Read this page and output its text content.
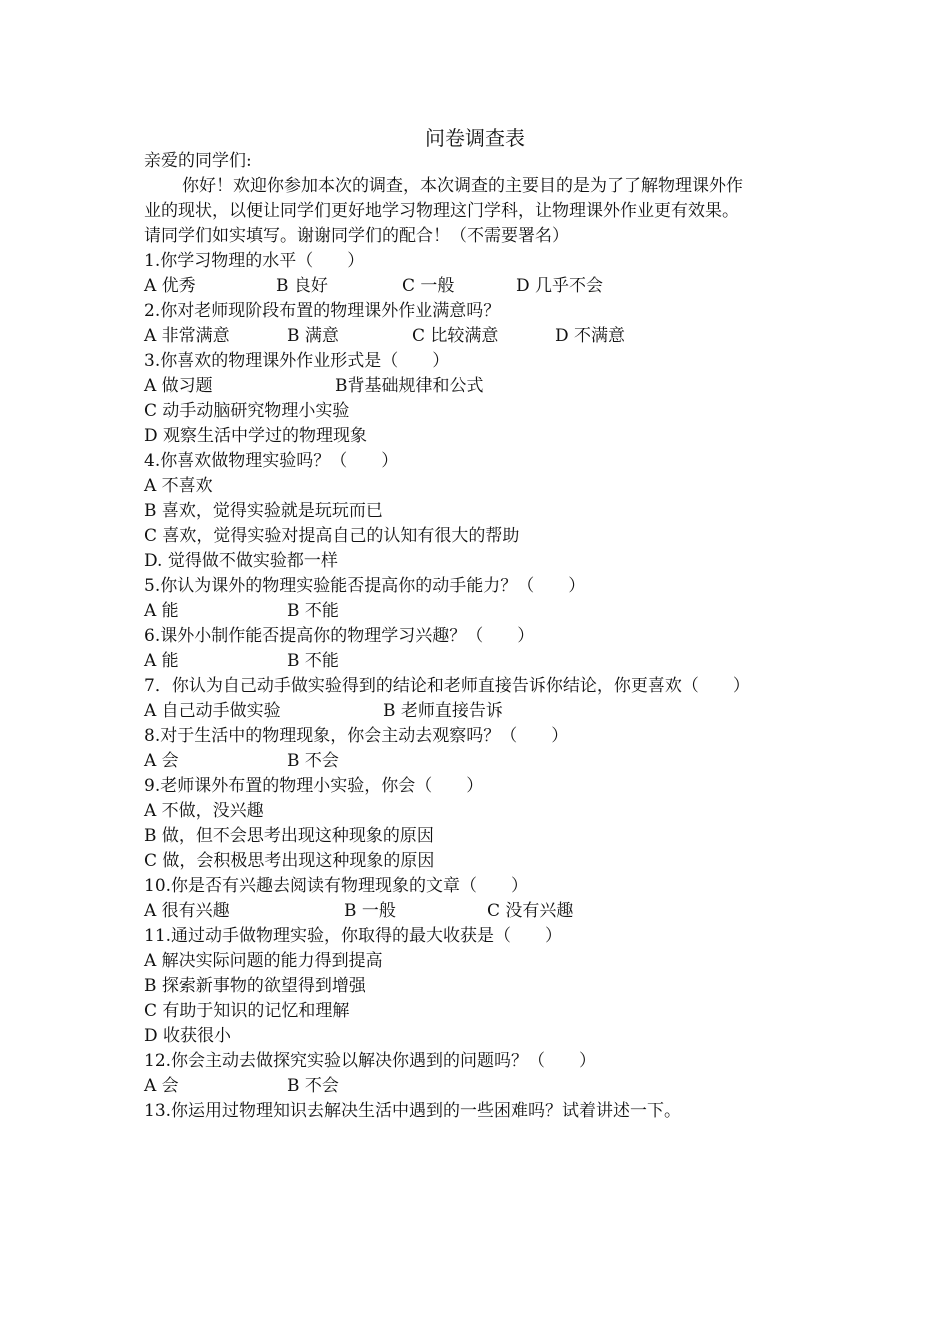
问卷调查表
亲爱的同学们:
你好！欢迎你参加本次的调查，本次调查的主要目的是为了了解物理课外作
业的现状，以便让同学们更好地学习物理这门学科，让物理课外作业更有效果。
请同学们如实填写。谢谢同学们的配合！（不需要署名）
1.你学习物理的水平（　　）
A 优秀	B 良好	C 一般	D 几乎不会
2.你对老师现阶段布置的物理课外作业满意吗？
A 非常满意	B 满意	C 比较满意	D 不满意
3.你喜欢的物理课外作业形式是（　　）
A 做习题	B背基础规律和公式
C 动手动脑研究物理小实验
D 观察生活中学过的物理现象
4.你喜欢做物理实验吗？（　　）
A 不喜欢
B 喜欢，觉得实验就是玩玩而已
C 喜欢，觉得实验对提高自己的认知有很大的帮助
D. 觉得做不做实验都一样
5.你认为课外的物理实验能否提高你的动手能力？（　　）
A 能	B 不能
6.课外小制作能否提高你的物理学习兴趣？（　　）
A 能	B 不能
7．你认为自己动手做实验得到的结论和老师直接告诉你结论，你更喜欢（　　）
A 自己动手做实验	B 老师直接告诉
8.对于生活中的物理现象，你会主动去观察吗？（　　）
A 会	B 不会
9.老师课外布置的物理小实验，你会（　　）
A 不做，没兴趣
B 做，但不会思考出现这种现象的原因
C 做，会积极思考出现这种现象的原因
10.你是否有兴趣去阅读有物理现象的文章（　　）
A 很有兴趣	B 一般	C 没有兴趣
11.通过动手做物理实验，你取得的最大收获是（　　）
A 解决实际问题的能力得到提高
B 探索新事物的欲望得到增强
C 有助于知识的记忆和理解
D 收获很小
12.你会主动去做探究实验以解决你遇到的问题吗？（　　）
A 会	B 不会
13.你运用过物理知识去解决生活中遇到的一些困难吗？试着讲述一下。
